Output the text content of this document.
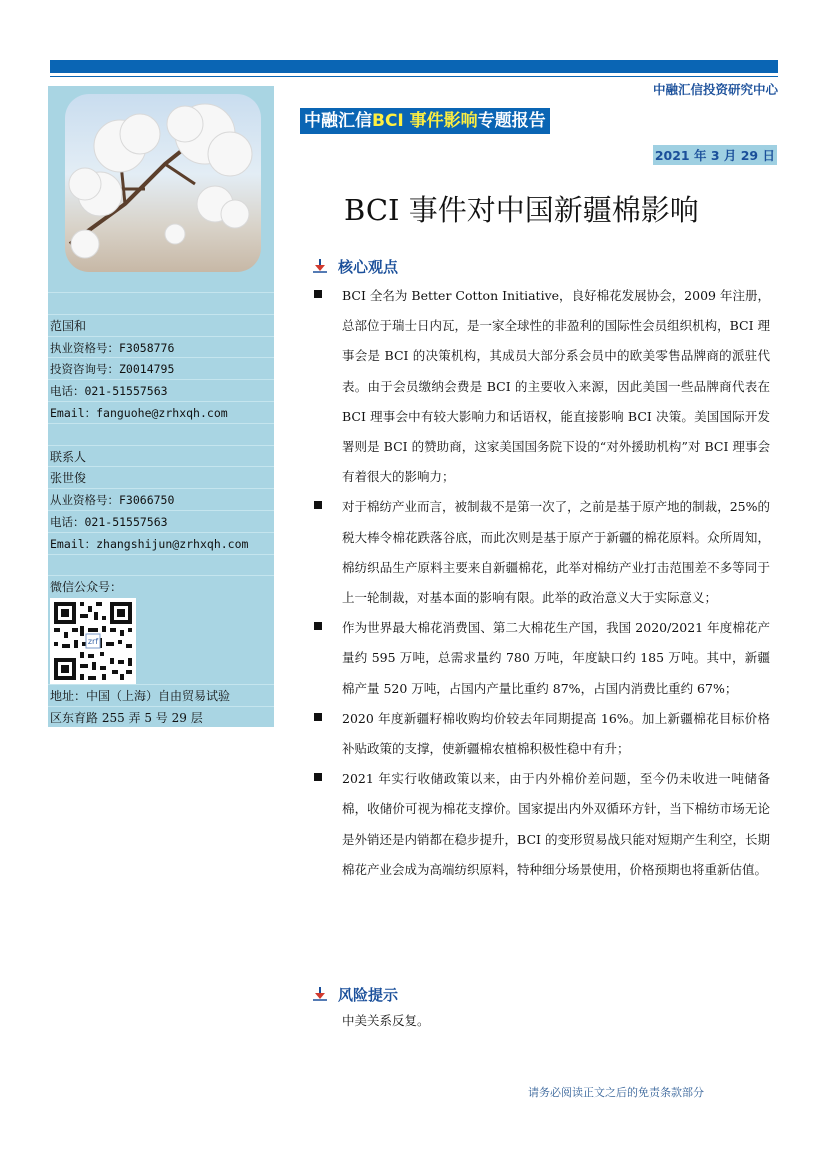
中融汇信投资研究中心
范国和
执业资格号：F3058776
投资咨询号：Z0014795
电话：021-51557563
Email：fanguohe@zrhxqh.com
联系人
张世俊
从业资格号：F3066750
电话：021-51557563
Email：zhangshijun@zrhxqh.com
微信公众号：
zrf
地址：中国（上海）自由贸易试验
区东育路 255 弄 5 号 29 层
中融汇信BCI 事件影响专题报告
2021 年 3 月 29 日
BCI 事件对中国新疆棉影响
核心观点

BCI 全名为 Better Cotton Initiative，良好棉花发展协会，2009 年注册，总部位于瑞士日内瓦，是一家全球性的非盈利的国际性会员组织机构，BCI 理事会是 BCI 的决策机构，其成员大部分系会员中的欧美零售品牌商的派驻代表。由于会员缴纳会费是 BCI 的主要收入来源，因此美国一些品牌商代表在 BCI 理事会中有较大影响力和话语权，能直接影响 BCI 决策。美国国际开发署则是 BCI 的赞助商，这家美国国务院下设的“对外援助机构”对 BCI 理事会有着很大的影响力；

对于棉纺产业而言，被制裁不是第一次了，之前是基于原产地的制裁，25%的税大棒令棉花跌落谷底，而此次则是基于原产于新疆的棉花原料。众所周知，棉纺织品生产原料主要来自新疆棉花，此举对棉纺产业打击范围差不多等同于上一轮制裁，对基本面的影响有限。此举的政治意义大于实际意义；

作为世界最大棉花消费国、第二大棉花生产国，我国 2020/2021 年度棉花产量约 595 万吨，总需求量约 780 万吨，年度缺口约 185 万吨。其中，新疆棉产量 520 万吨，占国内产量比重约 87%，占国内消费比重约 67%；

2020 年度新疆籽棉收购均价较去年同期提高 16%。加上新疆棉花目标价格补贴政策的支撑，使新疆棉农植棉积极性稳中有升；

2021 年实行收储政策以来，由于内外棉价差问题，至今仍未收进一吨储备棉，收储价可视为棉花支撑价。国家提出内外双循环方针，当下棉纺市场无论是外销还是内销都在稳步提升，BCI 的变形贸易战只能对短期产生利空，长期棉花产业会成为高端纺织原料，特种细分场景使用，价格预期也将重新估值。

风险提示
中美关系反复。
请务必阅读正文之后的免责条款部分
